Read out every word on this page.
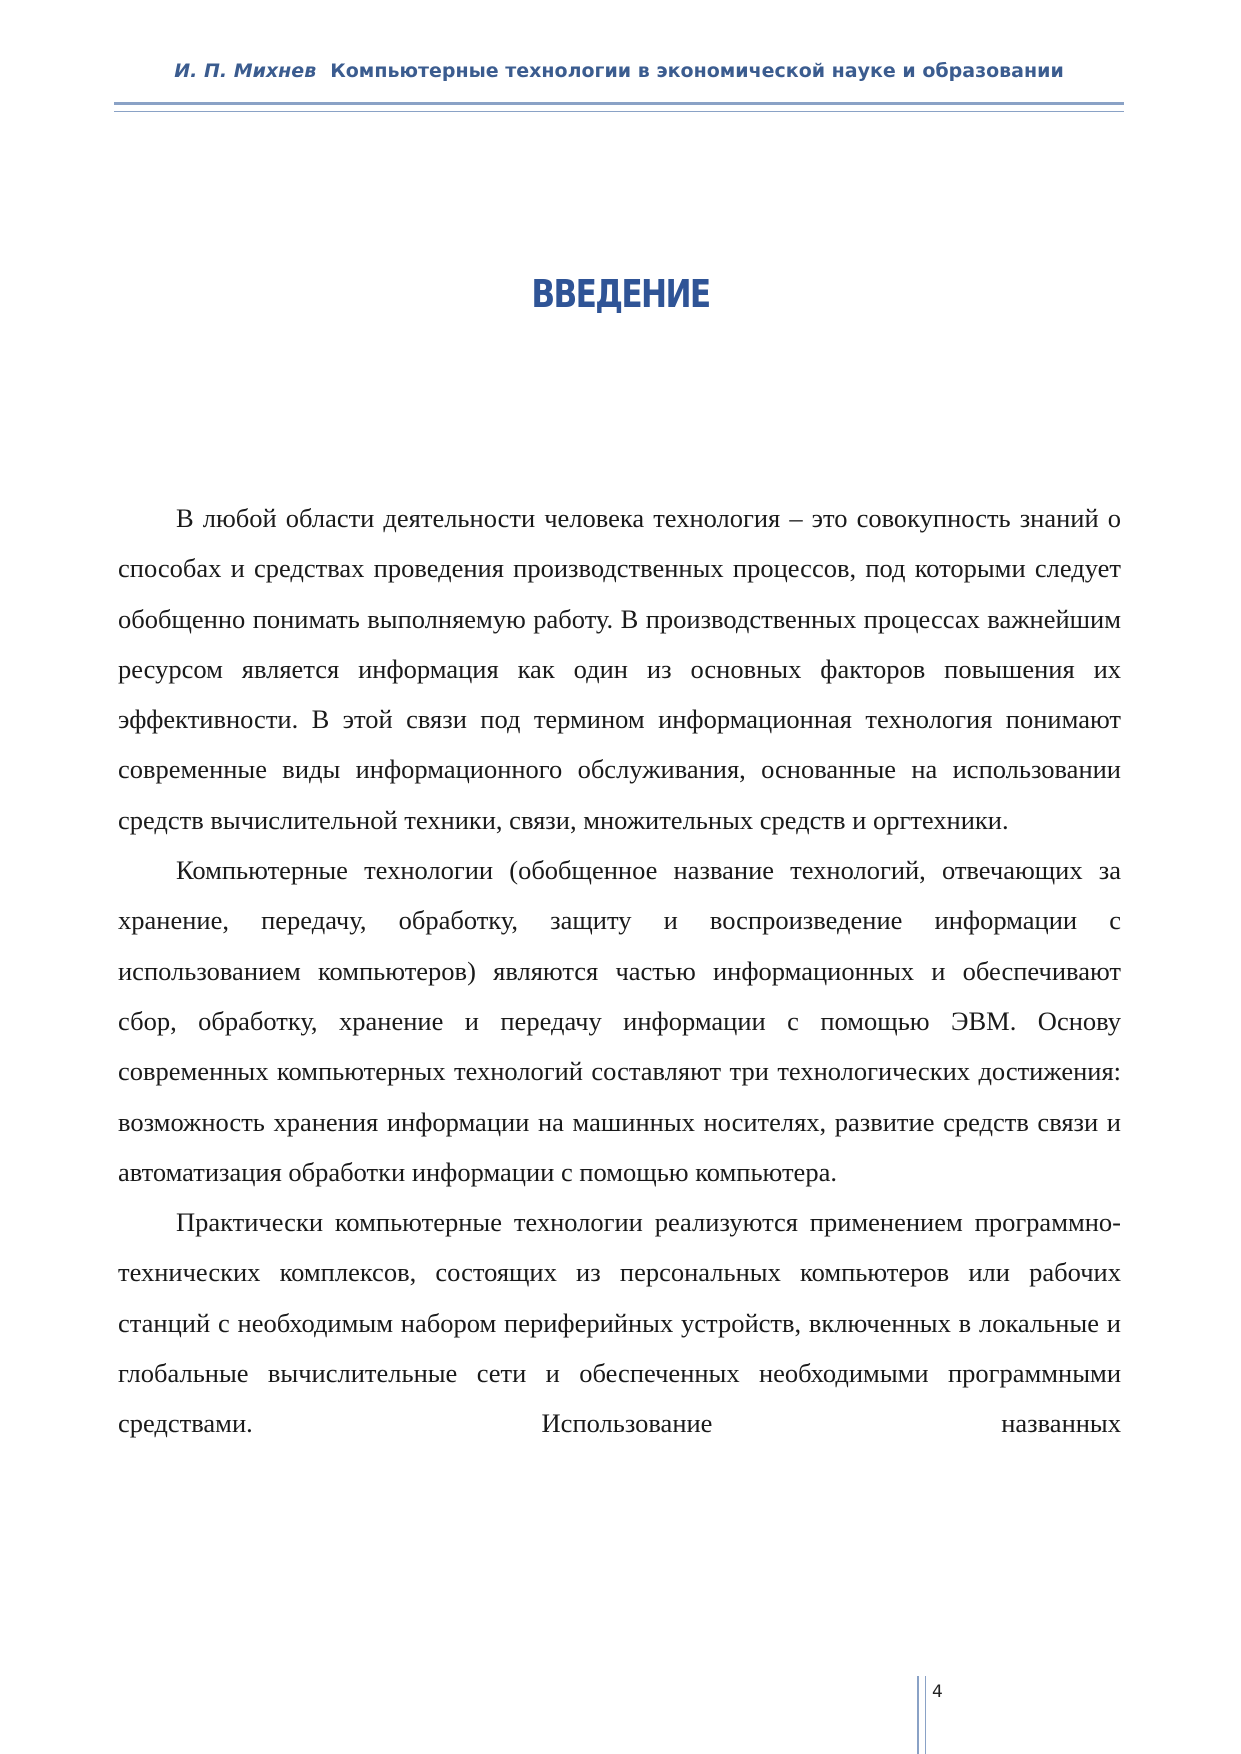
И. П. Михнев Компьютерные технологии в экономической науке и образовании
ВВЕДЕНИЕ

В любой области деятельности человека технология – это совокупность знаний о способах и средствах проведения производственных процессов, под которыми следует обобщенно понимать выполняемую работу. В производственных процессах важнейшим ресурсом является информация как один из основных факторов повышения их эффективности. В этой связи под термином информационная технология понимают современные виды информационного обслуживания, основанные на использовании средств вычислительной техники, связи, множительных средств и оргтехники.

Компьютерные технологии (обобщенное название технологий, отвечающих за хранение, передачу, обработку, защиту и воспроизведение информации с использованием компьютеров) являются частью информационных и обеспечивают сбор, обработку, хранение и передачу информации с помощью ЭВМ. Основу современных компьютерных технологий составляют три технологических достижения: возможность хранения информации на машинных носителях, развитие средств связи и автоматизация обработки информации с помощью компьютера.

Практически компьютерные технологии реализуются применением программно-технических комплексов, состоящих из персональных компьютеров или рабочих станций с необходимым набором периферийных устройств, включенных в локальные и глобальные вычислительные сети и обеспеченных необходимыми программными средствами. Использование названных

4
